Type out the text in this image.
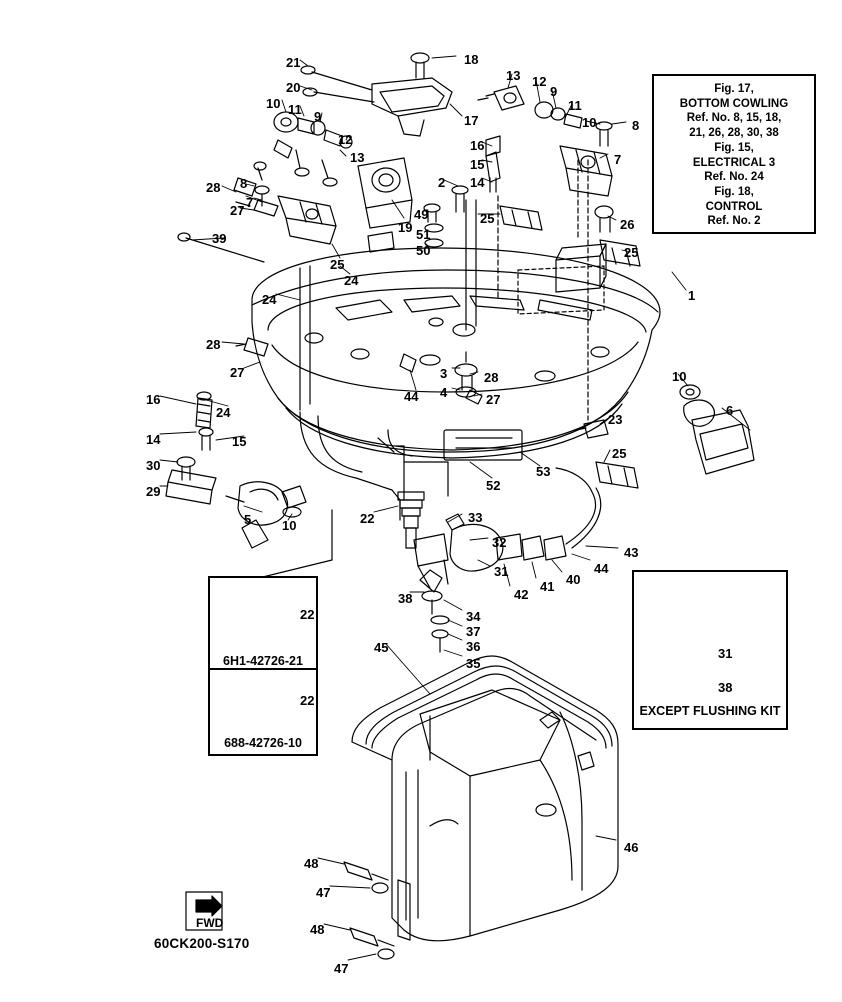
Fig. 17,
BOTTOM COWLING
Ref. No. 8, 15, 18,
21, 26, 28, 30, 38
Fig. 15,
ELECTRICAL 3
Ref. No. 24
Fig. 18,
CONTROL
Ref. No. 2
6H1-42726-21
688-42726-10
22
22
EXCEPT FLUSHING KIT
31
38
60CK200-S170
FWD
21	18
13 12
9
20
11
10	8
10 11 9	17
12	16
7
13	15
14
8	2
7
28
27	49	25	26
19 51
25
39
50
25
24
1
24
3	28
28
10
6
27
4	27
44
16
24	23
14	15
25
30
29
53
52
5 10	22	33
32
43
44
40
31
41
42
38
34
37
36
35
45
46
48
47
48
47
